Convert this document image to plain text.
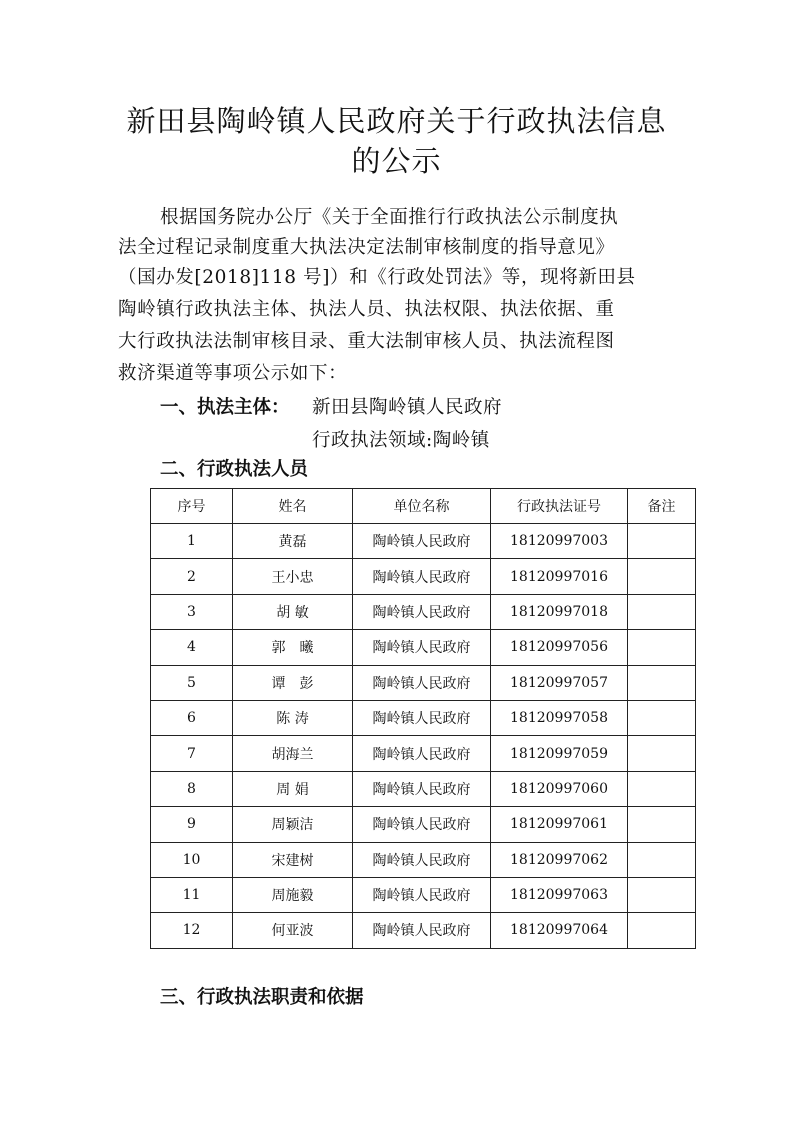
新田县陶岭镇人民政府关于行政执法信息
的公示
根据国务院办公厅《关于全面推行行政执法公示制度执
法全过程记录制度重大执法决定法制审核制度的指导意见》
（国办发[2018]118 号]）和《行政处罚法》等，现将新田县
陶岭镇行政执法主体、执法人员、执法权限、执法依据、重
大行政执法法制审核目录、重大法制审核人员、执法流程图
救济渠道等事项公示如下：
一、执法主体： 新田县陶岭镇人民政府
行政执法领域:陶岭镇
二、行政执法人员
序号	姓名	单位名称	行政执法证号	备注
1	黄磊	陶岭镇人民政府	18120997003	
2	王小忠	陶岭镇人民政府	18120997016	
3	胡 敏	陶岭镇人民政府	18120997018	
4	郭　曦	陶岭镇人民政府	18120997056	
5	谭　彭	陶岭镇人民政府	18120997057	
6	陈 涛	陶岭镇人民政府	18120997058	
7	胡海兰	陶岭镇人民政府	18120997059	
8	周 娟	陶岭镇人民政府	18120997060	
9	周颖洁	陶岭镇人民政府	18120997061	
10	宋建树	陶岭镇人民政府	18120997062	
11	周施毅	陶岭镇人民政府	18120997063	
12	何亚波	陶岭镇人民政府	18120997064	
三、行政执法职责和依据
